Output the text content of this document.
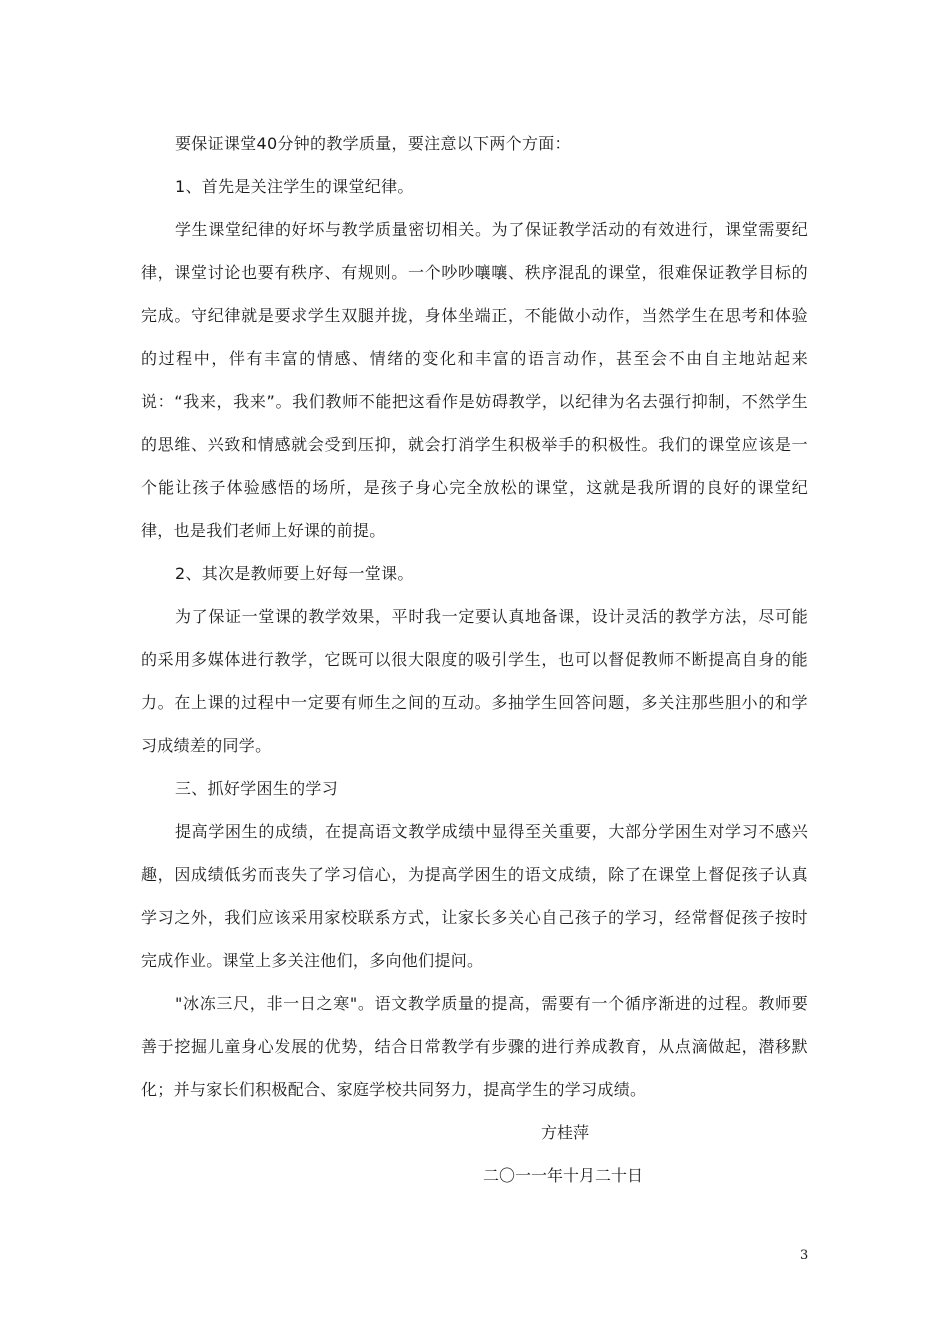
要保证课堂40分钟的教学质量，要注意以下两个方面：

1、首先是关注学生的课堂纪律。

学生课堂纪律的好坏与教学质量密切相关。为了保证教学活动的有效进行，课堂需要纪律，课堂讨论也要有秩序、有规则。一个吵吵嚷嚷、秩序混乱的课堂，很难保证教学目标的完成。守纪律就是要求学生双腿并拢，身体坐端正，不能做小动作，当然学生在思考和体验的过程中，伴有丰富的情感、情绪的变化和丰富的语言动作，甚至会不由自主地站起来说：“我来，我来”。我们教师不能把这看作是妨碍教学，以纪律为名去强行抑制，不然学生的思维、兴致和情感就会受到压抑，就会打消学生积极举手的积极性。我们的课堂应该是一个能让孩子体验感悟的场所，是孩子身心完全放松的课堂，这就是我所谓的良好的课堂纪律，也是我们老师上好课的前提。

2、其次是教师要上好每一堂课。

为了保证一堂课的教学效果，平时我一定要认真地备课，设计灵活的教学方法，尽可能的采用多媒体进行教学，它既可以很大限度的吸引学生，也可以督促教师不断提高自身的能力。在上课的过程中一定要有师生之间的互动。多抽学生回答问题，多关注那些胆小的和学习成绩差的同学。

三、抓好学困生的学习

提高学困生的成绩，在提高语文教学成绩中显得至关重要，大部分学困生对学习不感兴趣，因成绩低劣而丧失了学习信心，为提高学困生的语文成绩，除了在课堂上督促孩子认真学习之外，我们应该采用家校联系方式，让家长多关心自己孩子的学习，经常督促孩子按时完成作业。课堂上多关注他们，多向他们提问。

"冰冻三尺，非一日之寒"。语文教学质量的提高，需要有一个循序渐进的过程。教师要善于挖掘儿童身心发展的优势，结合日常教学有步骤的进行养成教育，从点滴做起，潜移默化；并与家长们积极配合、家庭学校共同努力，提高学生的学习成绩。

方桂萍

二〇一一年十月二十日

3
